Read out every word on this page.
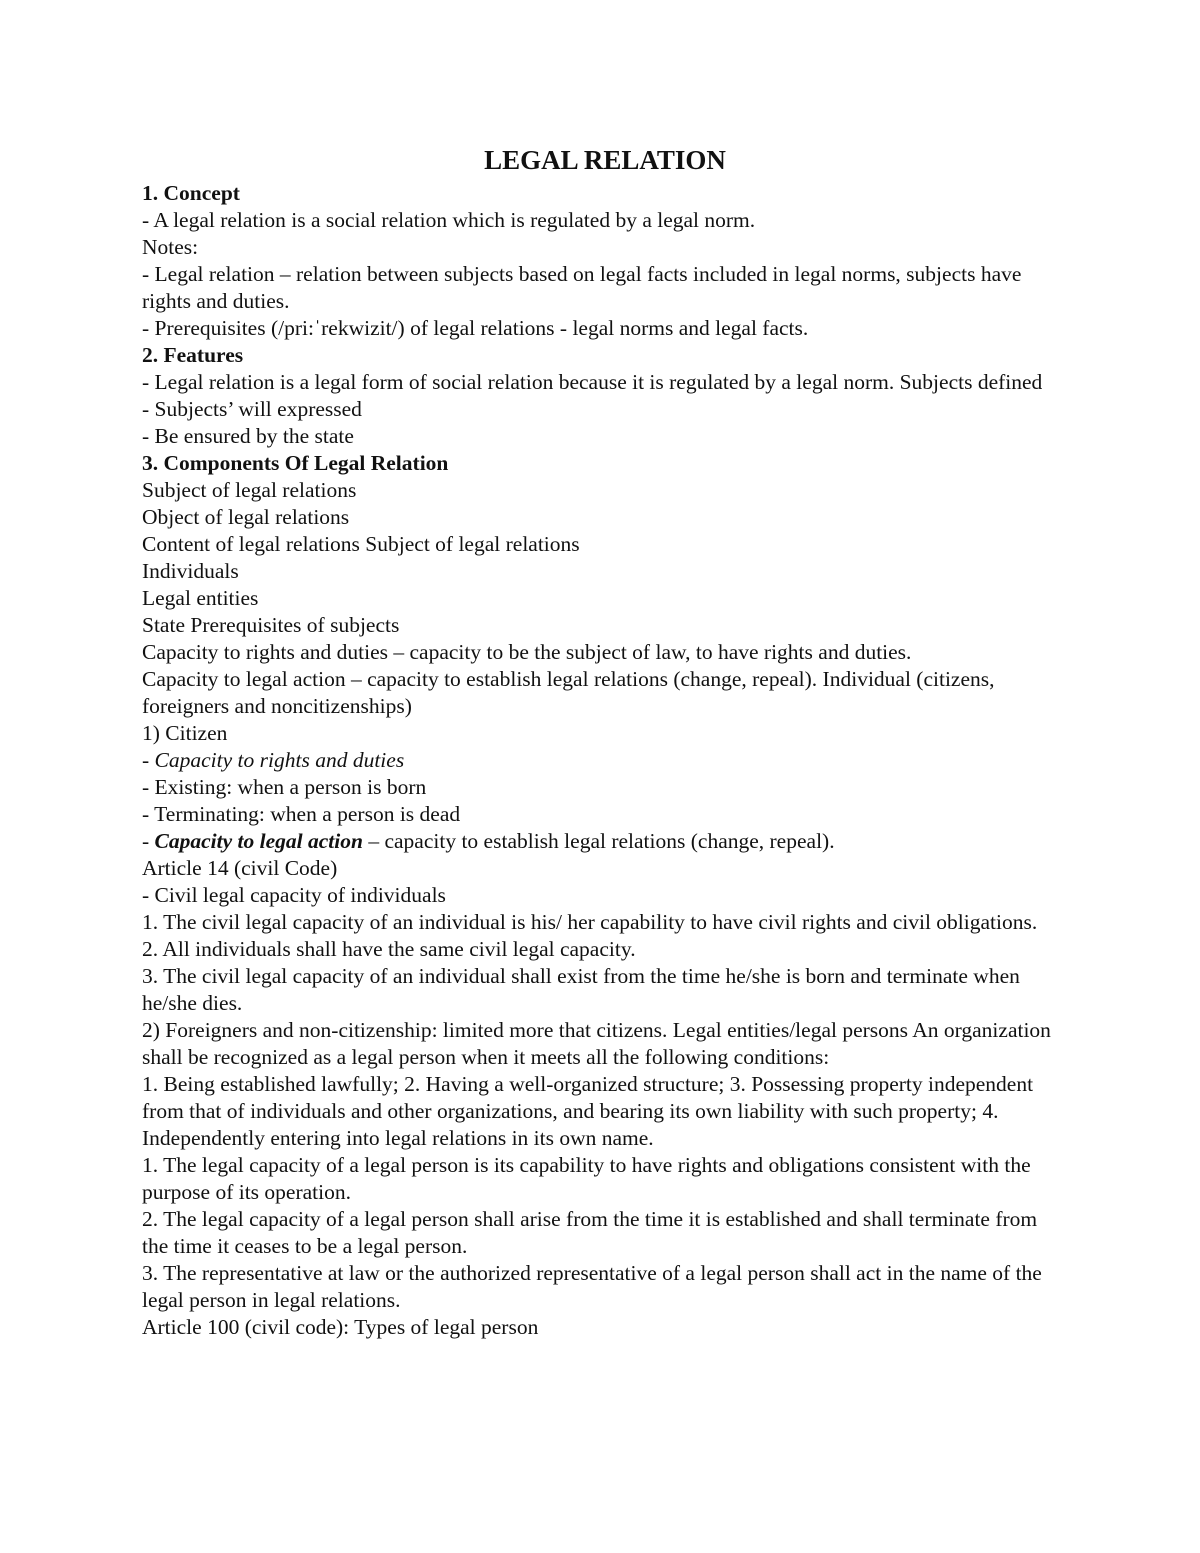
LEGAL RELATION
1. Concept
- A legal relation is a social relation which is regulated by a legal norm.
Notes:
- Legal relation – relation between subjects based on legal facts included in legal norms, subjects have rights and duties.
- Prerequisites (/pri:ˈrekwizit/) of legal relations - legal norms and legal facts.
2. Features
- Legal relation is a legal form of social relation because it is regulated by a legal norm. Subjects defined
- Subjects’ will expressed
- Be ensured by the state
3. Components Of Legal Relation
Subject of legal relations
Object of legal relations
Content of legal relations Subject of legal relations
Individuals
Legal entities
State Prerequisites of subjects
Capacity to rights and duties – capacity to be the subject of law, to have rights and duties.
Capacity to legal action – capacity to establish legal relations (change, repeal). Individual (citizens, foreigners and noncitizenships)
1) Citizen
- Capacity to rights and duties
- Existing: when a person is born
- Terminating: when a person is dead
- Capacity to legal action – capacity to establish legal relations (change, repeal).
Article 14 (civil Code)
- Civil legal capacity of individuals
1. The civil legal capacity of an individual is his/ her capability to have civil rights and civil obligations.
2. All individuals shall have the same civil legal capacity.
3. The civil legal capacity of an individual shall exist from the time he/she is born and terminate when he/she dies.
2) Foreigners and non-citizenship: limited more that citizens. Legal entities/legal persons An organization shall be recognized as a legal person when it meets all the following conditions:
1. Being established lawfully; 2. Having a well-organized structure; 3. Possessing property independent from that of individuals and other organizations, and bearing its own liability with such property; 4. Independently entering into legal relations in its own name.
1. The legal capacity of a legal person is its capability to have rights and obligations consistent with the purpose of its operation.
2. The legal capacity of a legal person shall arise from the time it is established and shall terminate from the time it ceases to be a legal person.
3. The representative at law or the authorized representative of a legal person shall act in the name of the legal person in legal relations.
Article 100 (civil code): Types of legal person
